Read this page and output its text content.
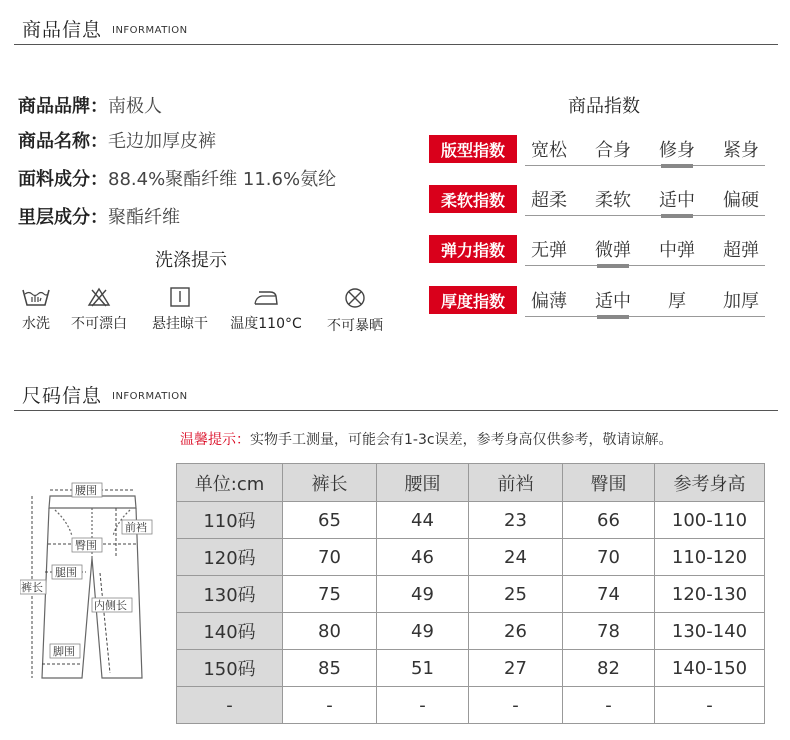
商品信息 INFORMATION
商品品牌：南极人
商品名称：毛边加厚皮裤
面料成分：88.4%聚酯纤维 11.6%氨纶
里层成分：聚酯纤维
洗涤提示
水洗	不可漂白	悬挂晾干	温度110°C	不可暴晒
商品指数
版型指数	宽松	合身	修身	紧身
柔软指数	超柔	柔软	适中	偏硬
弹力指数	无弹	微弹	中弹	超弹
厚度指数	偏薄	适中	厚	加厚
尺码信息 INFORMATION
温馨提示：实物手工测量，可能会有1-3c误差，参考身高仅供参考，敬请谅解。
腰围
前裆
臀围
腿围
裤长
内侧长
脚围
单位:cm	裤长	腰围	前裆	臀围	参考身高
110码	65	44	23	66	100-110
120码	70	46	24	70	110-120
130码	75	49	25	74	120-130
140码	80	49	26	78	130-140
150码	85	51	27	82	140-150
-	-	-	-	-	-
